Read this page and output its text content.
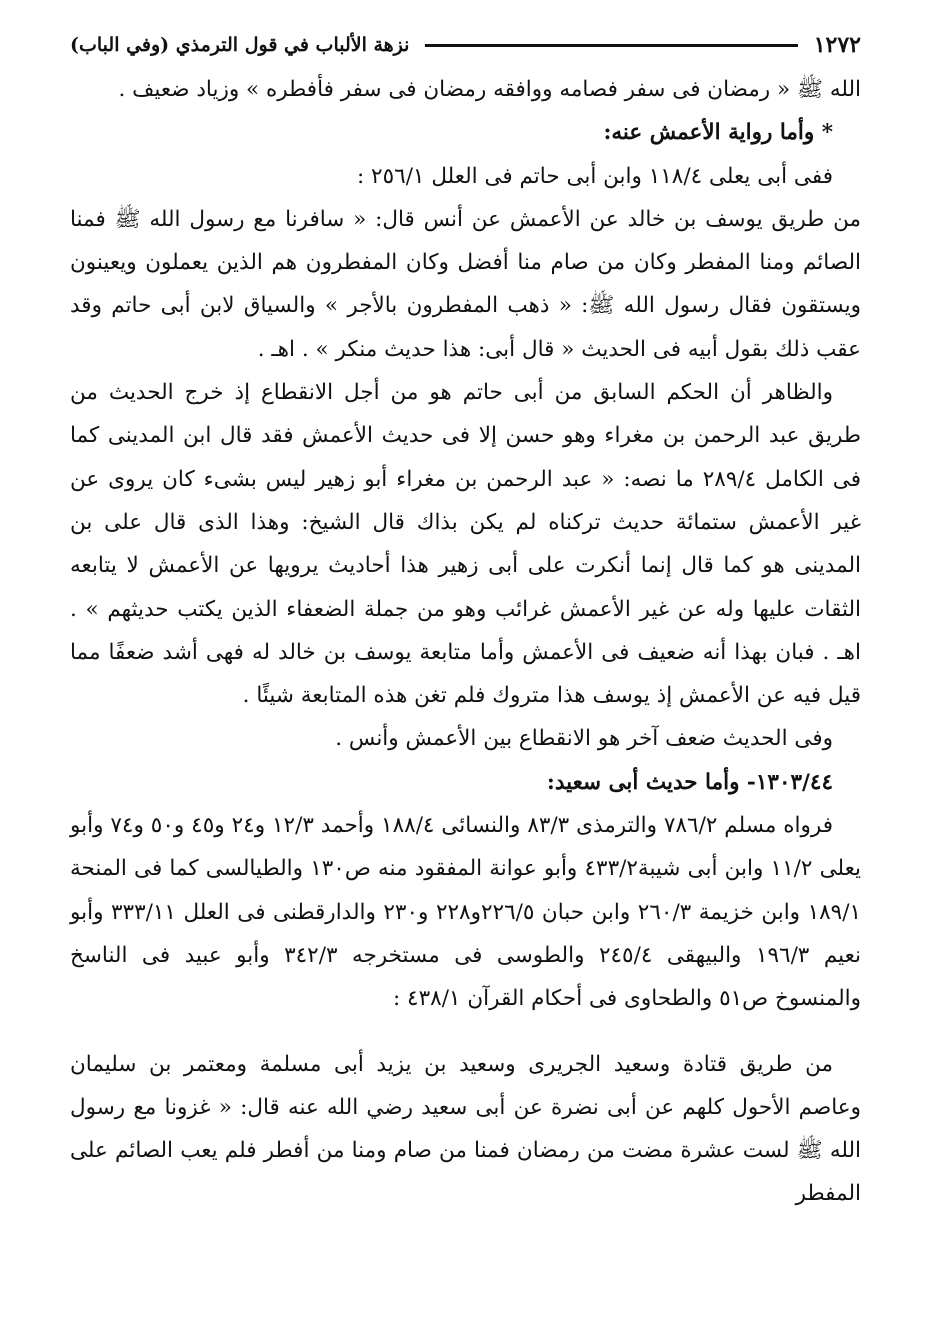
١٢٧٢
نزهة الألباب في قول الترمذي (وفي الباب)

الله ﷺ « رمضان فى سفر فصامه ووافقه رمضان فى سفر فأفطره » وزياد ضعيف .

* وأما رواية الأعمش عنه:

ففى أبى يعلى ١١٨/٤ وابن أبى حاتم فى العلل ٢٥٦/١ :

من طريق يوسف بن خالد عن الأعمش عن أنس قال: « سافرنا مع رسول الله ﷺ فمنا الصائم ومنا المفطر وكان من صام منا أفضل وكان المفطرون هم الذين يعملون ويعينون ويستقون فقال رسول الله ﷺ: « ذهب المفطرون بالأجر » والسياق لابن أبى حاتم وقد عقب ذلك بقول أبيه فى الحديث « قال أبى: هذا حديث منكر » . اهـ .

والظاهر أن الحكم السابق من أبى حاتم هو من أجل الانقطاع إذ خرج الحديث من طريق عبد الرحمن بن مغراء وهو حسن إلا فى حديث الأعمش فقد قال ابن المدينى كما فى الكامل ٢٨٩/٤ ما نصه: « عبد الرحمن بن مغراء أبو زهير ليس بشىء كان يروى عن غير الأعمش ستمائة حديث تركناه لم يكن بذاك قال الشيخ: وهذا الذى قال على بن المدينى هو كما قال إنما أنكرت على أبى زهير هذا أحاديث يرويها عن الأعمش لا يتابعه الثقات عليها وله عن غير الأعمش غرائب وهو من جملة الضعفاء الذين يكتب حديثهم » . اهـ . فبان بهذا أنه ضعيف فى الأعمش وأما متابعة يوسف بن خالد له فهى أشد ضعفًا مما قيل فيه عن الأعمش إذ يوسف هذا متروك فلم تغن هذه المتابعة شيئًا .

وفى الحديث ضعف آخر هو الانقطاع بين الأعمش وأنس .

١٣٠٣/٤٤- وأما حديث أبى سعيد:

فرواه مسلم ٧٨٦/٢ والترمذى ٨٣/٣ والنسائى ١٨٨/٤ وأحمد ١٢/٣ و٢٤ و٤٥ و٥٠ و٧٤ وأبو يعلى ١١/٢ وابن أبى شيبة٤٣٣/٢ وأبو عوانة المفقود منه ص١٣٠ والطيالسى كما فى المنحة ١٨٩/١ وابن خزيمة ٢٦٠/٣ وابن حبان ٢٢٦/٥و٢٢٨ و٢٣٠ والدارقطنى فى العلل ٣٣٣/١١ وأبو نعيم ١٩٦/٣ والبيهقى ٢٤٥/٤ والطوسى فى مستخرجه ٣٤٢/٣ وأبو عبيد فى الناسخ والمنسوخ ص٥١ والطحاوى فى أحكام القرآن ٤٣٨/١ :

من طريق قتادة وسعيد الجريرى وسعيد بن يزيد أبى مسلمة ومعتمر بن سليمان وعاصم الأحول كلهم عن أبى نضرة عن أبى سعيد رضي الله عنه قال: « غزونا مع رسول الله ﷺ لست عشرة مضت من رمضان فمنا من صام ومنا من أفطر فلم يعب الصائم على المفطر
